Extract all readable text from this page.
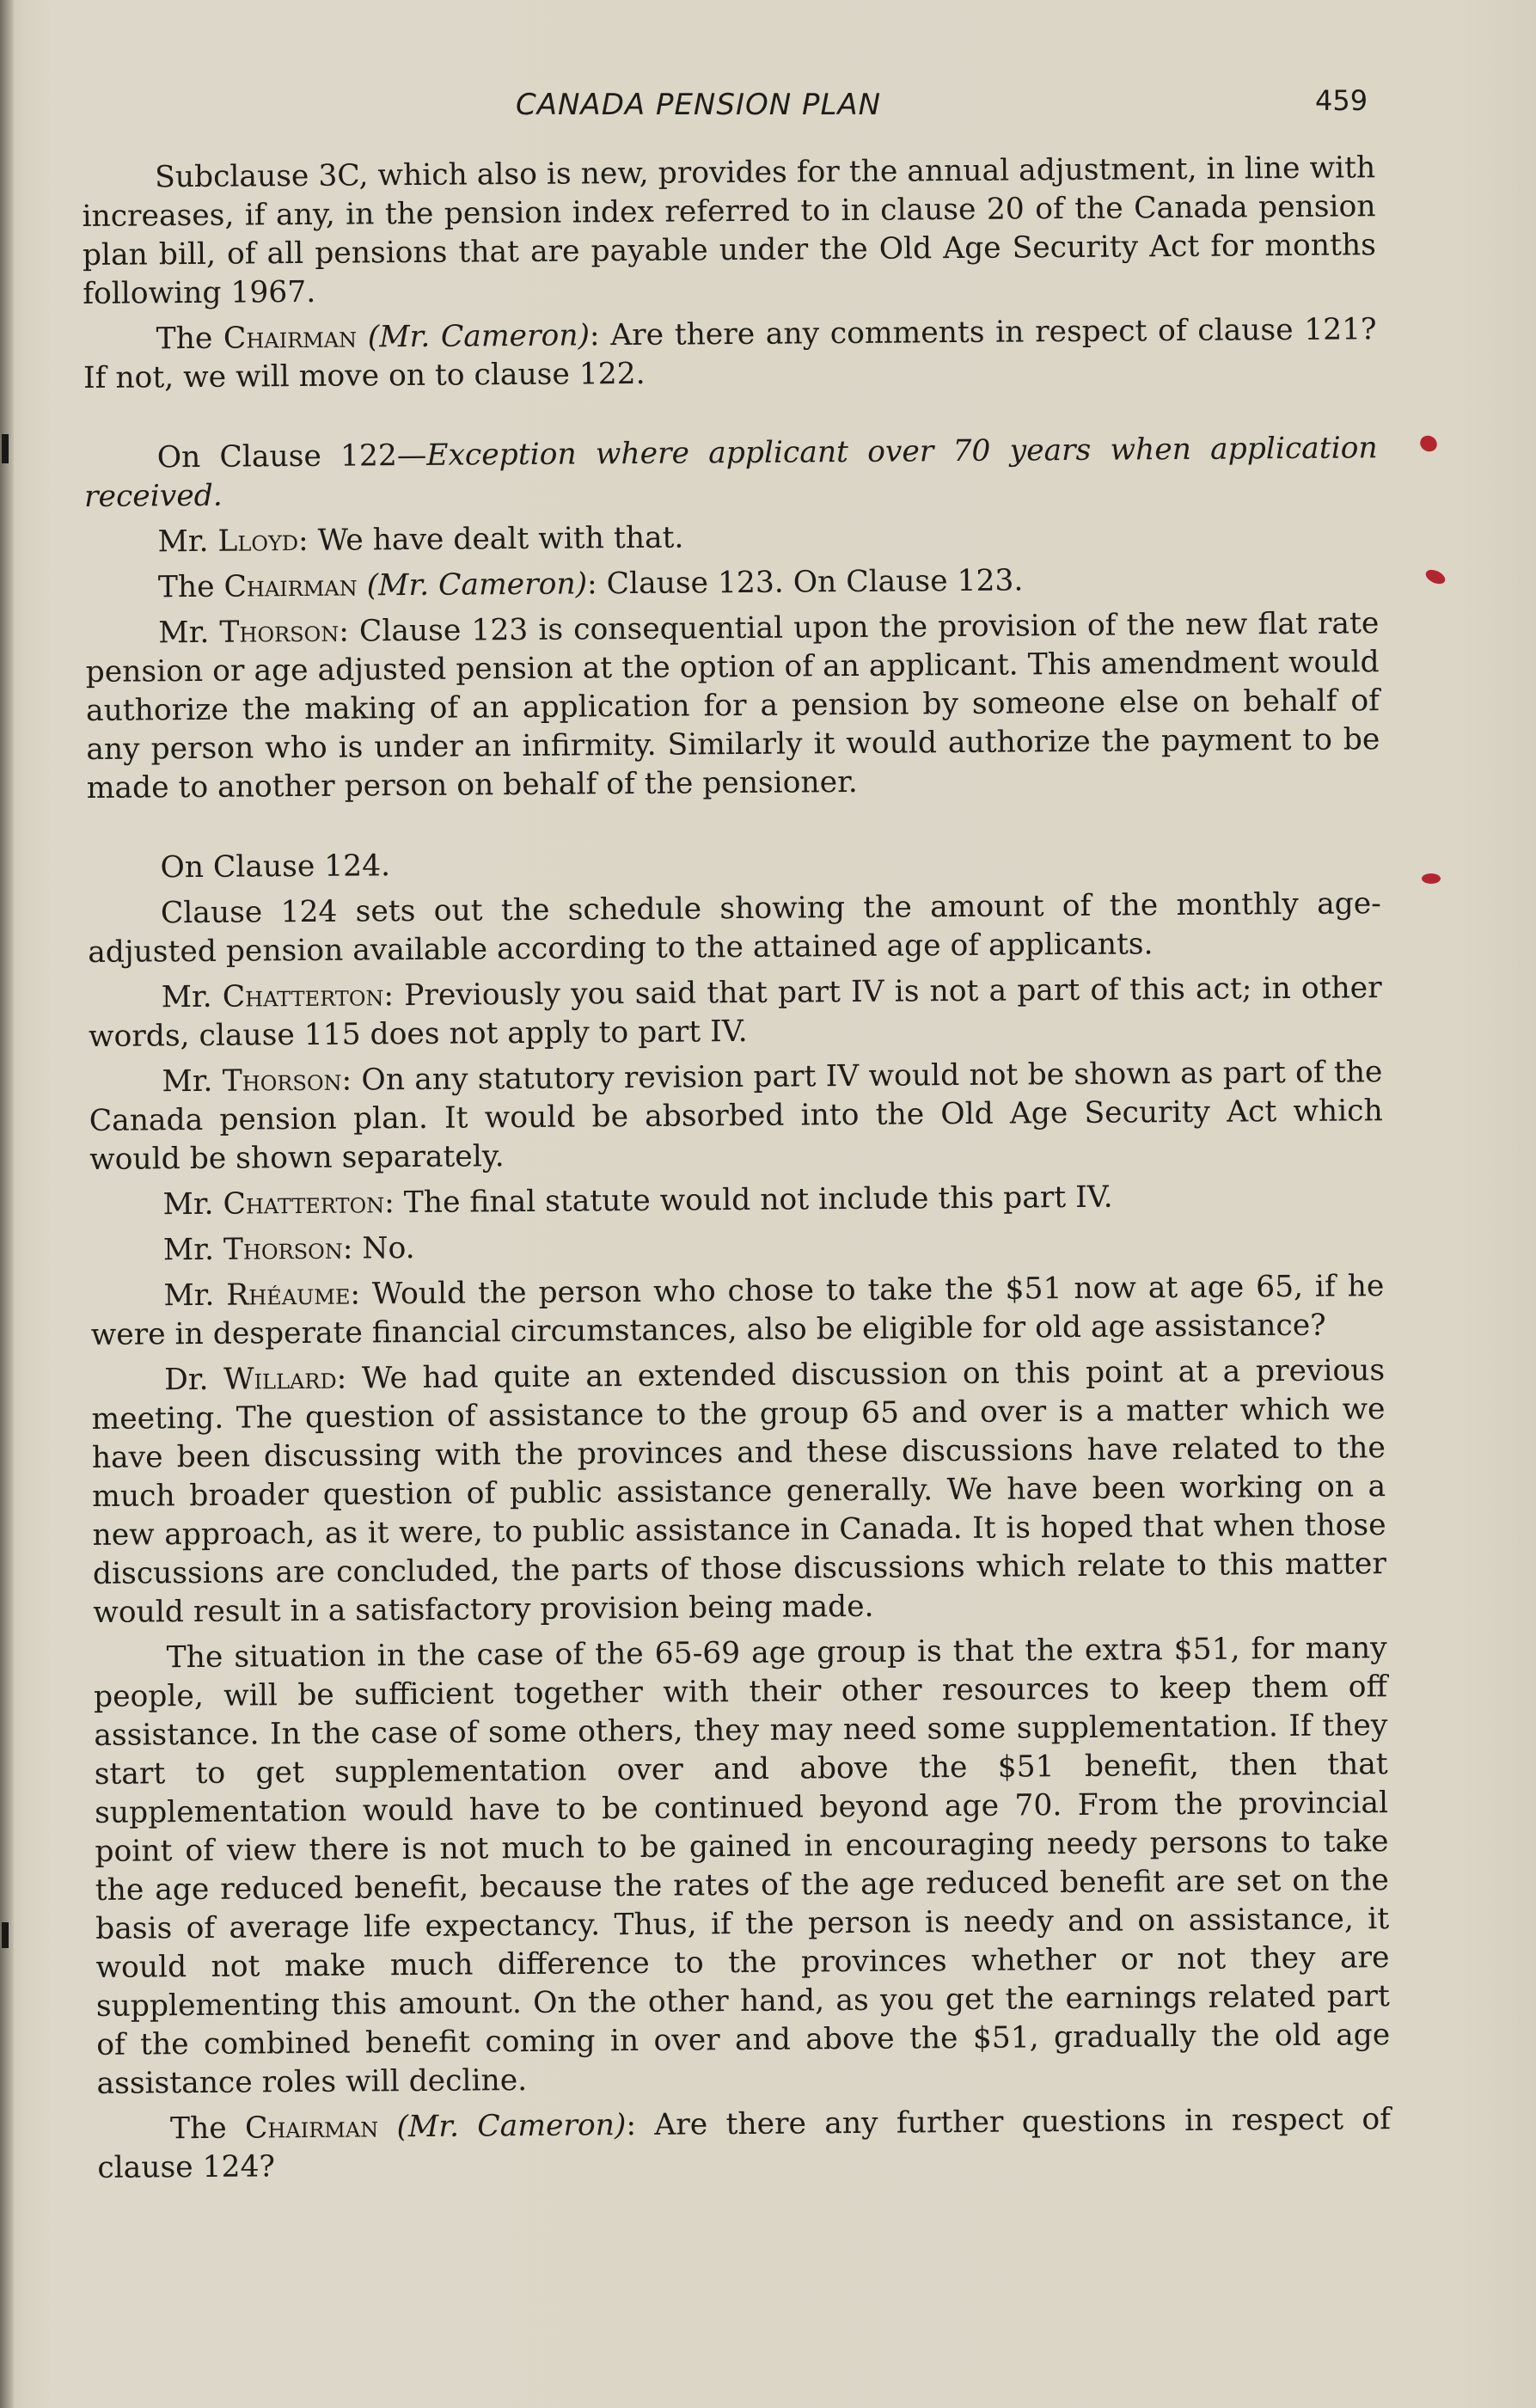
CANADA PENSION PLAN	459

Subclause 3C, which also is new, provides for the annual adjustment, in line with increases, if any, in the pension index referred to in clause 20 of the Canada pension plan bill, of all pensions that are payable under the Old Age Security Act for months following 1967.

The Chairman (Mr. Cameron): Are there any comments in respect of clause 121? If not, we will move on to clause 122.

On Clause 122—Exception where applicant over 70 years when application received.

Mr. Lloyd: We have dealt with that.

The Chairman (Mr. Cameron): Clause 123. On Clause 123.

Mr. Thorson: Clause 123 is consequential upon the provision of the new flat rate pension or age adjusted pension at the option of an applicant. This amendment would authorize the making of an application for a pension by someone else on behalf of any person who is under an infirmity. Similarly it would authorize the payment to be made to another person on behalf of the pensioner.

On Clause 124.

Clause 124 sets out the schedule showing the amount of the monthly age-adjusted pension available according to the attained age of applicants.

Mr. Chatterton: Previously you said that part IV is not a part of this act; in other words, clause 115 does not apply to part IV.

Mr. Thorson: On any statutory revision part IV would not be shown as part of the Canada pension plan. It would be absorbed into the Old Age Security Act which would be shown separately.

Mr. Chatterton: The final statute would not include this part IV.

Mr. Thorson: No.

Mr. Rhéaume: Would the person who chose to take the $51 now at age 65, if he were in desperate financial circumstances, also be eligible for old age assistance?

Dr. Willard: We had quite an extended discussion on this point at a previous meeting. The question of assistance to the group 65 and over is a matter which we have been discussing with the provinces and these discussions have related to the much broader question of public assistance generally. We have been working on a new approach, as it were, to public assistance in Canada. It is hoped that when those discussions are concluded, the parts of those discussions which relate to this matter would result in a satisfactory provision being made.

The situation in the case of the 65-69 age group is that the extra $51, for many people, will be sufficient together with their other resources to keep them off assistance. In the case of some others, they may need some supplementation. If they start to get supplementation over and above the $51 benefit, then that supplementation would have to be continued beyond age 70. From the provincial point of view there is not much to be gained in encouraging needy persons to take the age reduced benefit, because the rates of the age reduced benefit are set on the basis of average life expectancy. Thus, if the person is needy and on assistance, it would not make much difference to the provinces whether or not they are supplementing this amount. On the other hand, as you get the earnings related part of the combined benefit coming in over and above the $51, gradually the old age assistance roles will decline.

The Chairman (Mr. Cameron): Are there any further questions in respect of clause 124?
